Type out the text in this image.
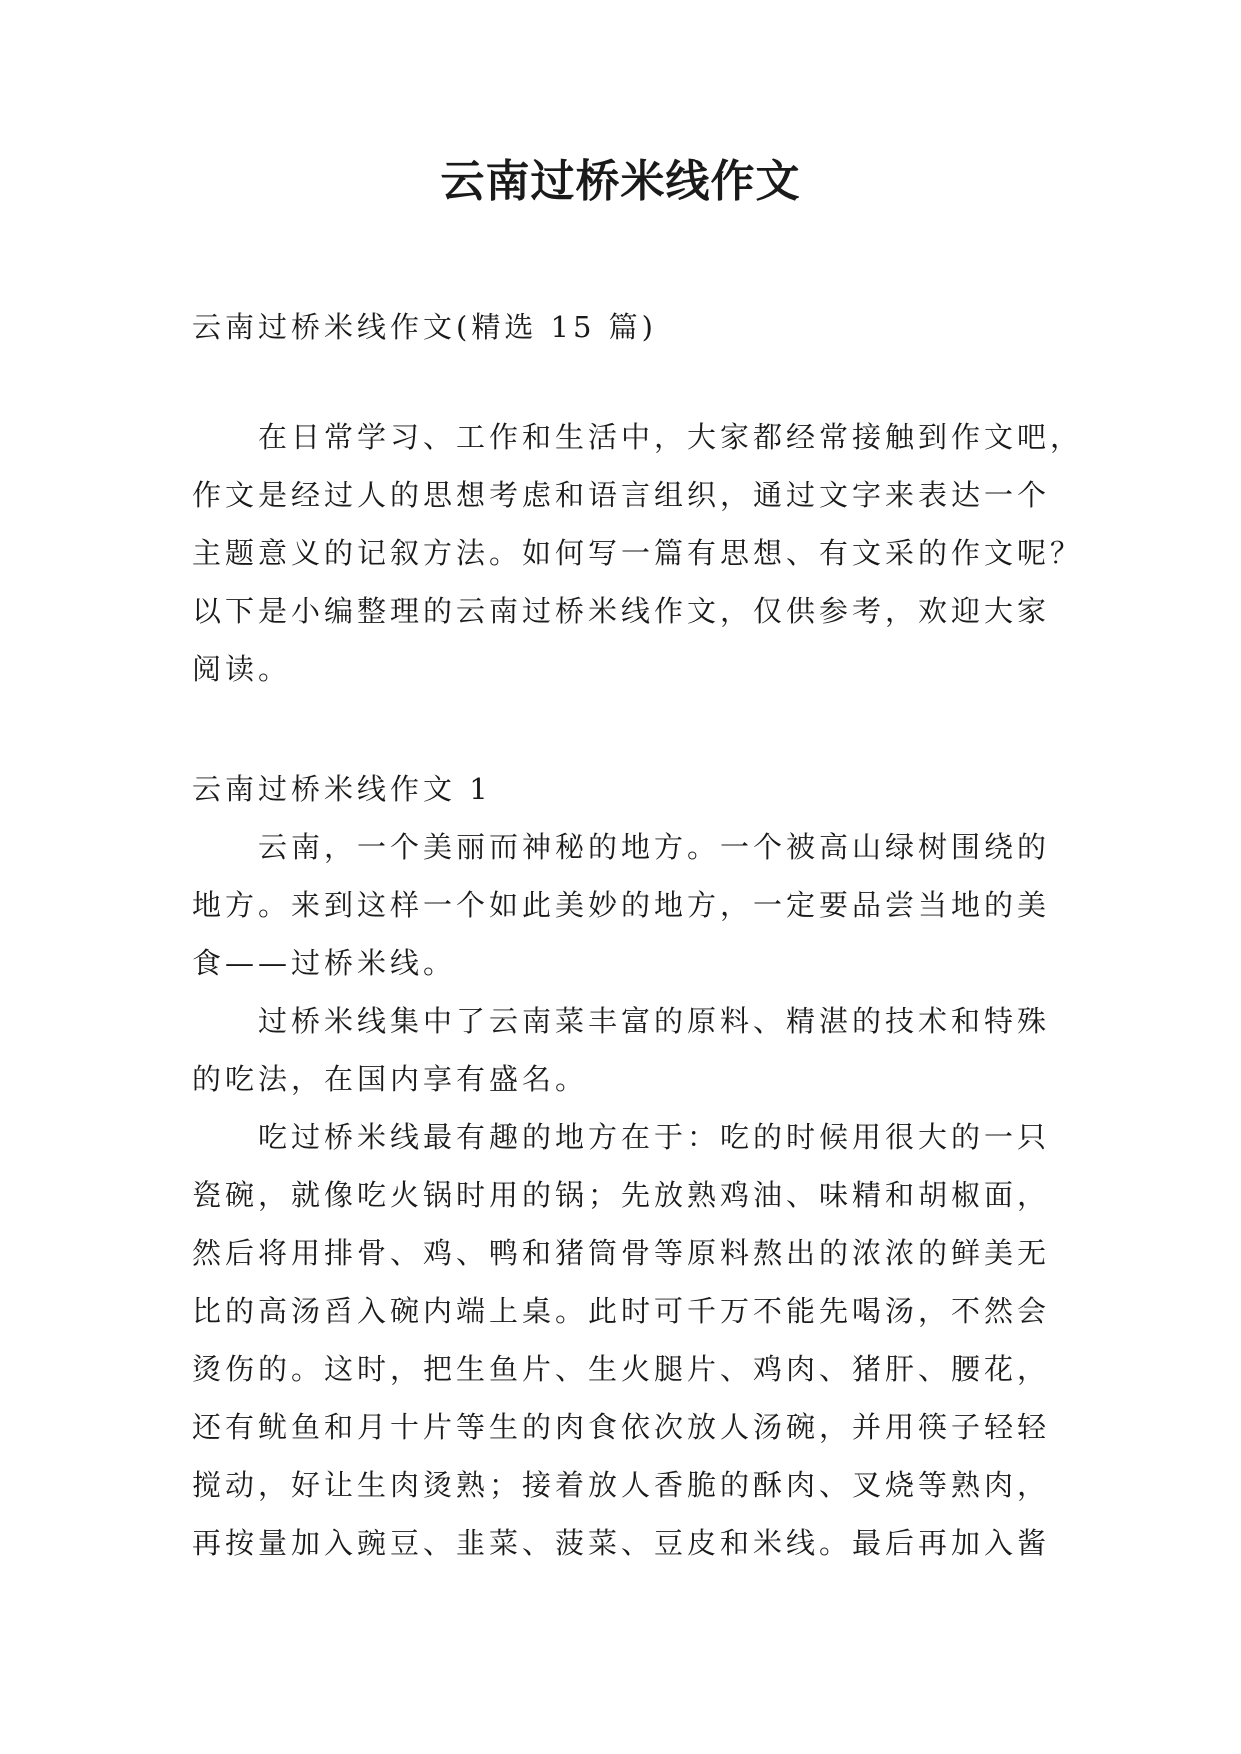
云南过桥米线作文

云南过桥米线作文(精选 15 篇)

在日常学习、工作和生活中，大家都经常接触到作文吧，
作文是经过人的思想考虑和语言组织，通过文字来表达一个
主题意义的记叙方法。如何写一篇有思想、有文采的作文呢？
以下是小编整理的云南过桥米线作文，仅供参考，欢迎大家
阅读。

云南过桥米线作文 1

云南，一个美丽而神秘的地方。一个被高山绿树围绕的
地方。来到这样一个如此美妙的地方，一定要品尝当地的美
食——过桥米线。
过桥米线集中了云南菜丰富的原料、精湛的技术和特殊
的吃法，在国内享有盛名。
吃过桥米线最有趣的地方在于：吃的时候用很大的一只
瓷碗，就像吃火锅时用的锅；先放熟鸡油、味精和胡椒面，
然后将用排骨、鸡、鸭和猪筒骨等原料熬出的浓浓的鲜美无
比的高汤舀入碗内端上桌。此时可千万不能先喝汤，不然会
烫伤的。这时，把生鱼片、生火腿片、鸡肉、猪肝、腰花，
还有鱿鱼和月十片等生的肉食依次放人汤碗，并用筷子轻轻
搅动，好让生肉烫熟；接着放人香脆的酥肉、叉烧等熟肉，
再按量加入豌豆、韭菜、菠菜、豆皮和米线。最后再加入酱
